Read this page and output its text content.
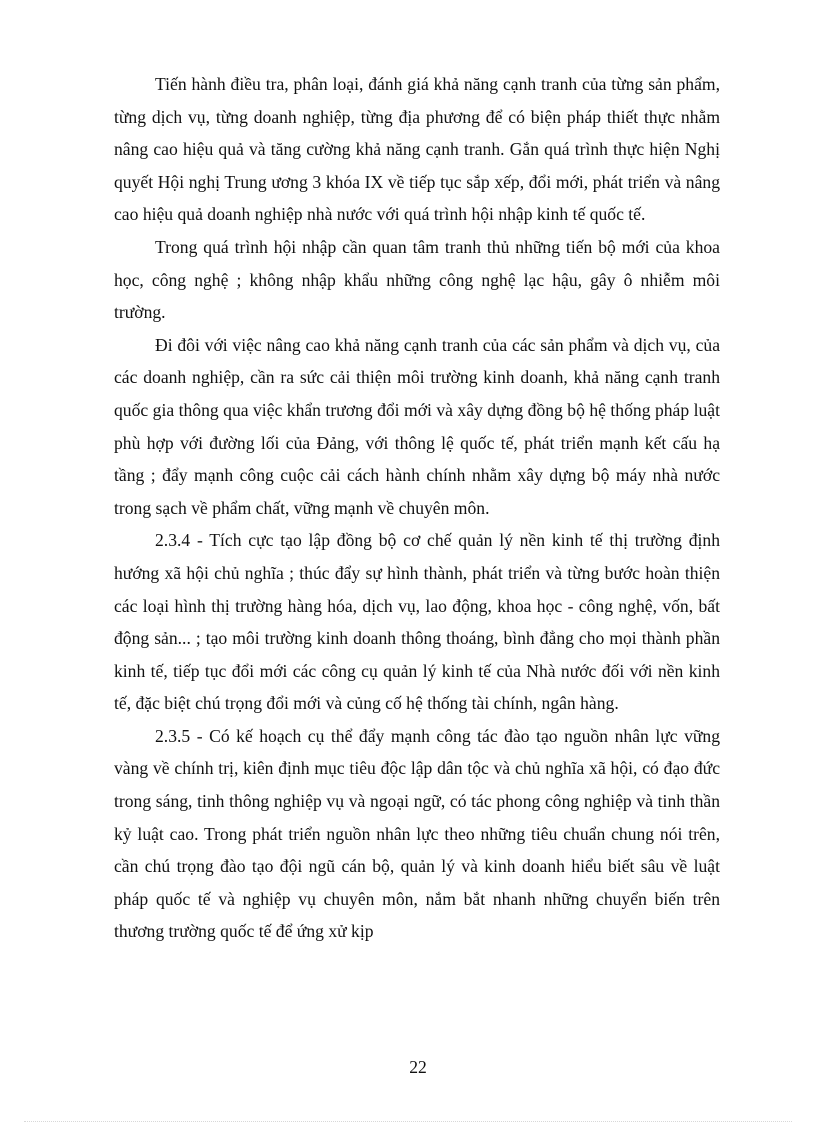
Tiến hành điều tra, phân loại, đánh giá khả năng cạnh tranh của từng sản phẩm, từng dịch vụ, từng doanh nghiệp, từng địa phương để có biện pháp thiết thực nhằm nâng cao hiệu quả và tăng cường khả năng cạnh tranh. Gắn quá trình thực hiện Nghị quyết Hội nghị Trung ương 3 khóa IX về tiếp tục sắp xếp, đổi mới, phát triển và nâng cao hiệu quả doanh nghiệp nhà nước với quá trình hội nhập kinh tế quốc tế.

Trong quá trình hội nhập cần quan tâm tranh thủ những tiến bộ mới của khoa học, công nghệ ; không nhập khẩu những công nghệ lạc hậu, gây ô nhiễm môi trường.

Đi đôi với việc nâng cao khả năng cạnh tranh của các sản phẩm và dịch vụ, của các doanh nghiệp, cần ra sức cải thiện môi trường kinh doanh, khả năng cạnh tranh quốc gia thông qua việc khẩn trương đổi mới và xây dựng đồng bộ hệ thống pháp luật phù hợp với đường lối của Đảng, với thông lệ quốc tế, phát triển mạnh kết cấu hạ tầng ; đẩy mạnh công cuộc cải cách hành chính nhằm xây dựng bộ máy nhà nước trong sạch về phẩm chất, vững mạnh về chuyên môn.

2.3.4 - Tích cực tạo lập đồng bộ cơ chế quản lý nền kinh tế thị trường định hướng xã hội chủ nghĩa ; thúc đẩy sự hình thành, phát triển và từng bước hoàn thiện các loại hình thị trường hàng hóa, dịch vụ, lao động, khoa học - công nghệ, vốn, bất động sản... ; tạo môi trường kinh doanh thông thoáng, bình đẳng cho mọi thành phần kinh tế, tiếp tục đổi mới các công cụ quản lý kinh tế của Nhà nước đối với nền kinh tế, đặc biệt chú trọng đổi mới và củng cố hệ thống tài chính, ngân hàng.

2.3.5 - Có kế hoạch cụ thể đẩy mạnh công tác đào tạo nguồn nhân lực vững vàng về chính trị, kiên định mục tiêu độc lập dân tộc và chủ nghĩa xã hội, có đạo đức trong sáng, tinh thông nghiệp vụ và ngoại ngữ, có tác phong công nghiệp và tinh thần kỷ luật cao. Trong phát triển nguồn nhân lực theo những tiêu chuẩn chung nói trên, cần chú trọng đào tạo đội ngũ cán bộ, quản lý và kinh doanh hiểu biết sâu về luật pháp quốc tế và nghiệp vụ chuyên môn, nắm bắt nhanh những chuyển biến trên thương trường quốc tế để ứng xử kịp

22
